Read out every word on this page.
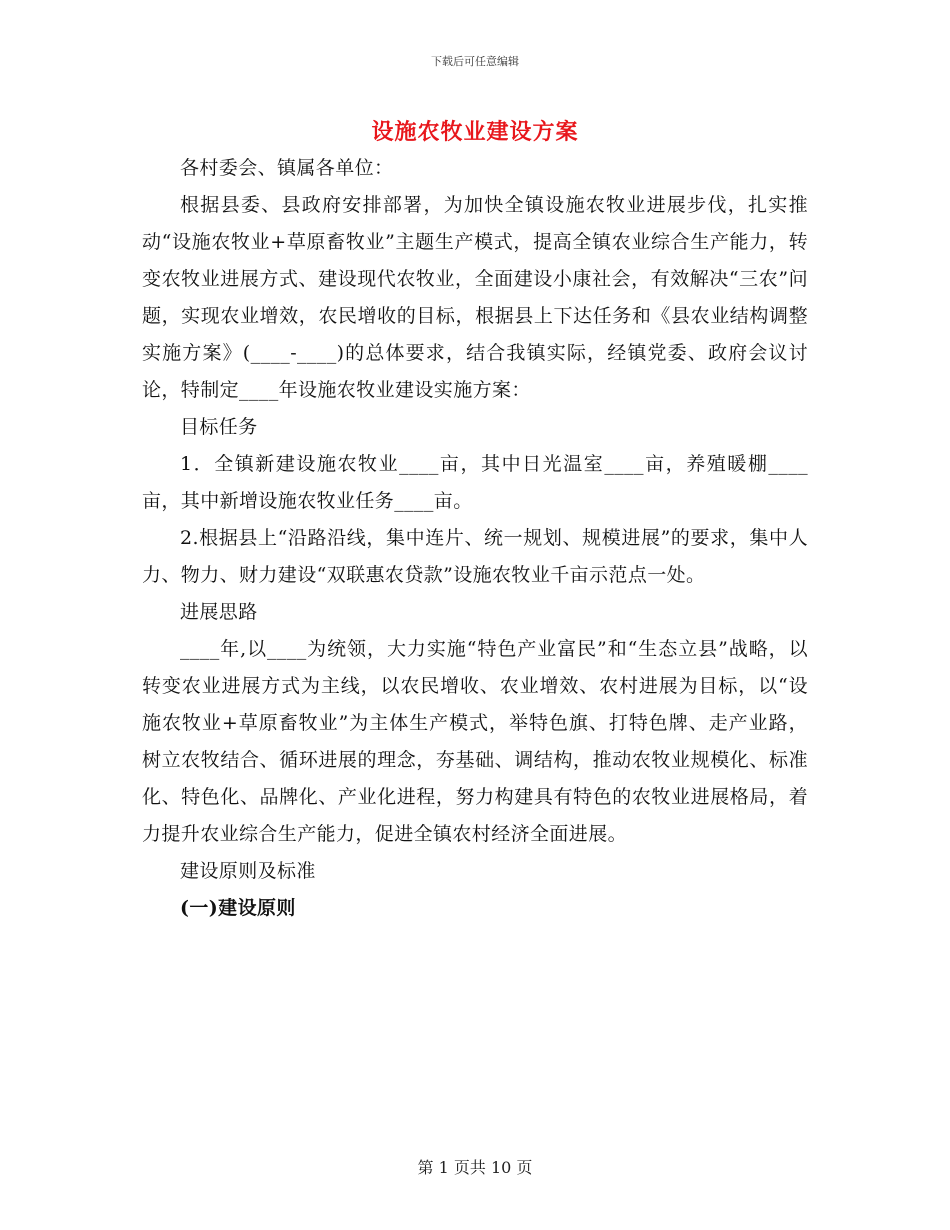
下载后可任意编辑
设施农牧业建设方案

各村委会、镇属各单位：

根据县委、县政府安排部署，为加快全镇设施农牧业进展步伐，扎实推动“设施农牧业+草原畜牧业”主题生产模式，提高全镇农业综合生产能力，转变农牧业进展方式、建设现代农牧业，全面建设小康社会，有效解决“三农”问题，实现农业增效，农民增收的目标，根据县上下达任务和《县农业结构调整实施方案》(____-____)的总体要求，结合我镇实际，经镇党委、政府会议讨论，特制定____年设施农牧业建设实施方案：

目标任务

1．全镇新建设施农牧业____亩，其中日光温室____亩，养殖暖棚____亩，其中新增设施农牧业任务____亩。

2.根据县上“沿路沿线，集中连片、统一规划、规模进展”的要求，集中人力、物力、财力建设“双联惠农贷款”设施农牧业千亩示范点一处。

进展思路

____年,以____为统领，大力实施“特色产业富民”和“生态立县”战略，以转变农业进展方式为主线，以农民增收、农业增效、农村进展为目标，以“设施农牧业+草原畜牧业”为主体生产模式，举特色旗、打特色牌、走产业路，树立农牧结合、循环进展的理念，夯基础、调结构，推动农牧业规模化、标准化、特色化、品牌化、产业化进程，努力构建具有特色的农牧业进展格局，着力提升农业综合生产能力，促进全镇农村经济全面进展。

建设原则及标准

(一)建设原则

第 1 页共 10 页
